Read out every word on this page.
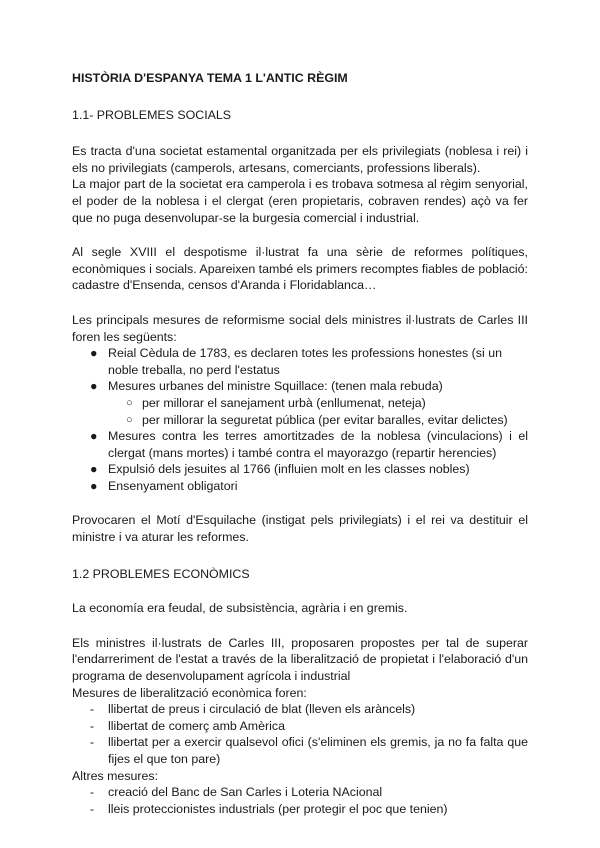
HISTÒRIA D'ESPANYA TEMA 1 L'ANTIC RÈGIM

1.1- PROBLEMES SOCIALS

Es tracta d'una societat estamental organitzada per els privilegiats (noblesa i rei) i els no privilegiats (camperols, artesans, comerciants, professions liberals).

La major part de la societat era camperola i es trobava sotmesa al règim senyorial, el poder de la noblesa i el clergat (eren propietaris, cobraven rendes) açò va fer que no puga desenvolupar-se la burgesia comercial i industrial.

Al segle XVIII el despotisme il·lustrat fa una sèrie de reformes polítiques, econòmiques i socials. Apareixen també els primers recomptes fiables de població: cadastre d'Ensenda, censos d'Aranda i Floridablanca…

Les principals mesures de reformisme social dels ministres il·lustrats de Carles III foren les següents:

● Reial Cèdula de 1783, es declaren totes les professions honestes (si un noble treballa, no perd l'estatus
● Mesures urbanes del ministre Squillace: (tenen mala rebuda)
○ per millorar el sanejament urbà (enllumenat, neteja)
○ per millorar la seguretat pública (per evitar baralles, evitar delictes)
● Mesures contra les terres amortitzades de la noblesa (vinculacions) i el clergat (mans mortes) i també contra el mayorazgo (repartir herencies)
● Expulsió dels jesuites al 1766 (influien molt en les classes nobles)
● Ensenyament obligatori

Provocaren el Motí d'Esquilache (instigat pels privilegiats) i el rei va destituir el ministre i va aturar les reformes.

1.2 PROBLEMES ECONÒMICS

La economía era feudal, de subsistència, agrària i en gremis.

Els ministres il·lustrats de Carles III, proposaren propostes per tal de superar l'endarreriment de l'estat a través de la liberalització de propietat i l'elaboració d'un programa de desenvolupament agrícola i industrial

Mesures de liberalització econòmica foren:

- llibertat de preus i circulació de blat (lleven els aràncels)
- llibertat de comerç amb Amèrica
- llibertat per a exercir qualsevol ofici (s'eliminen els gremis, ja no fa falta que fijes el que ton pare)

Altres mesures:

- creació del Banc de San Carles i Loteria NAcional
- lleis proteccionistes industrials (per protegir el poc que tenien)
